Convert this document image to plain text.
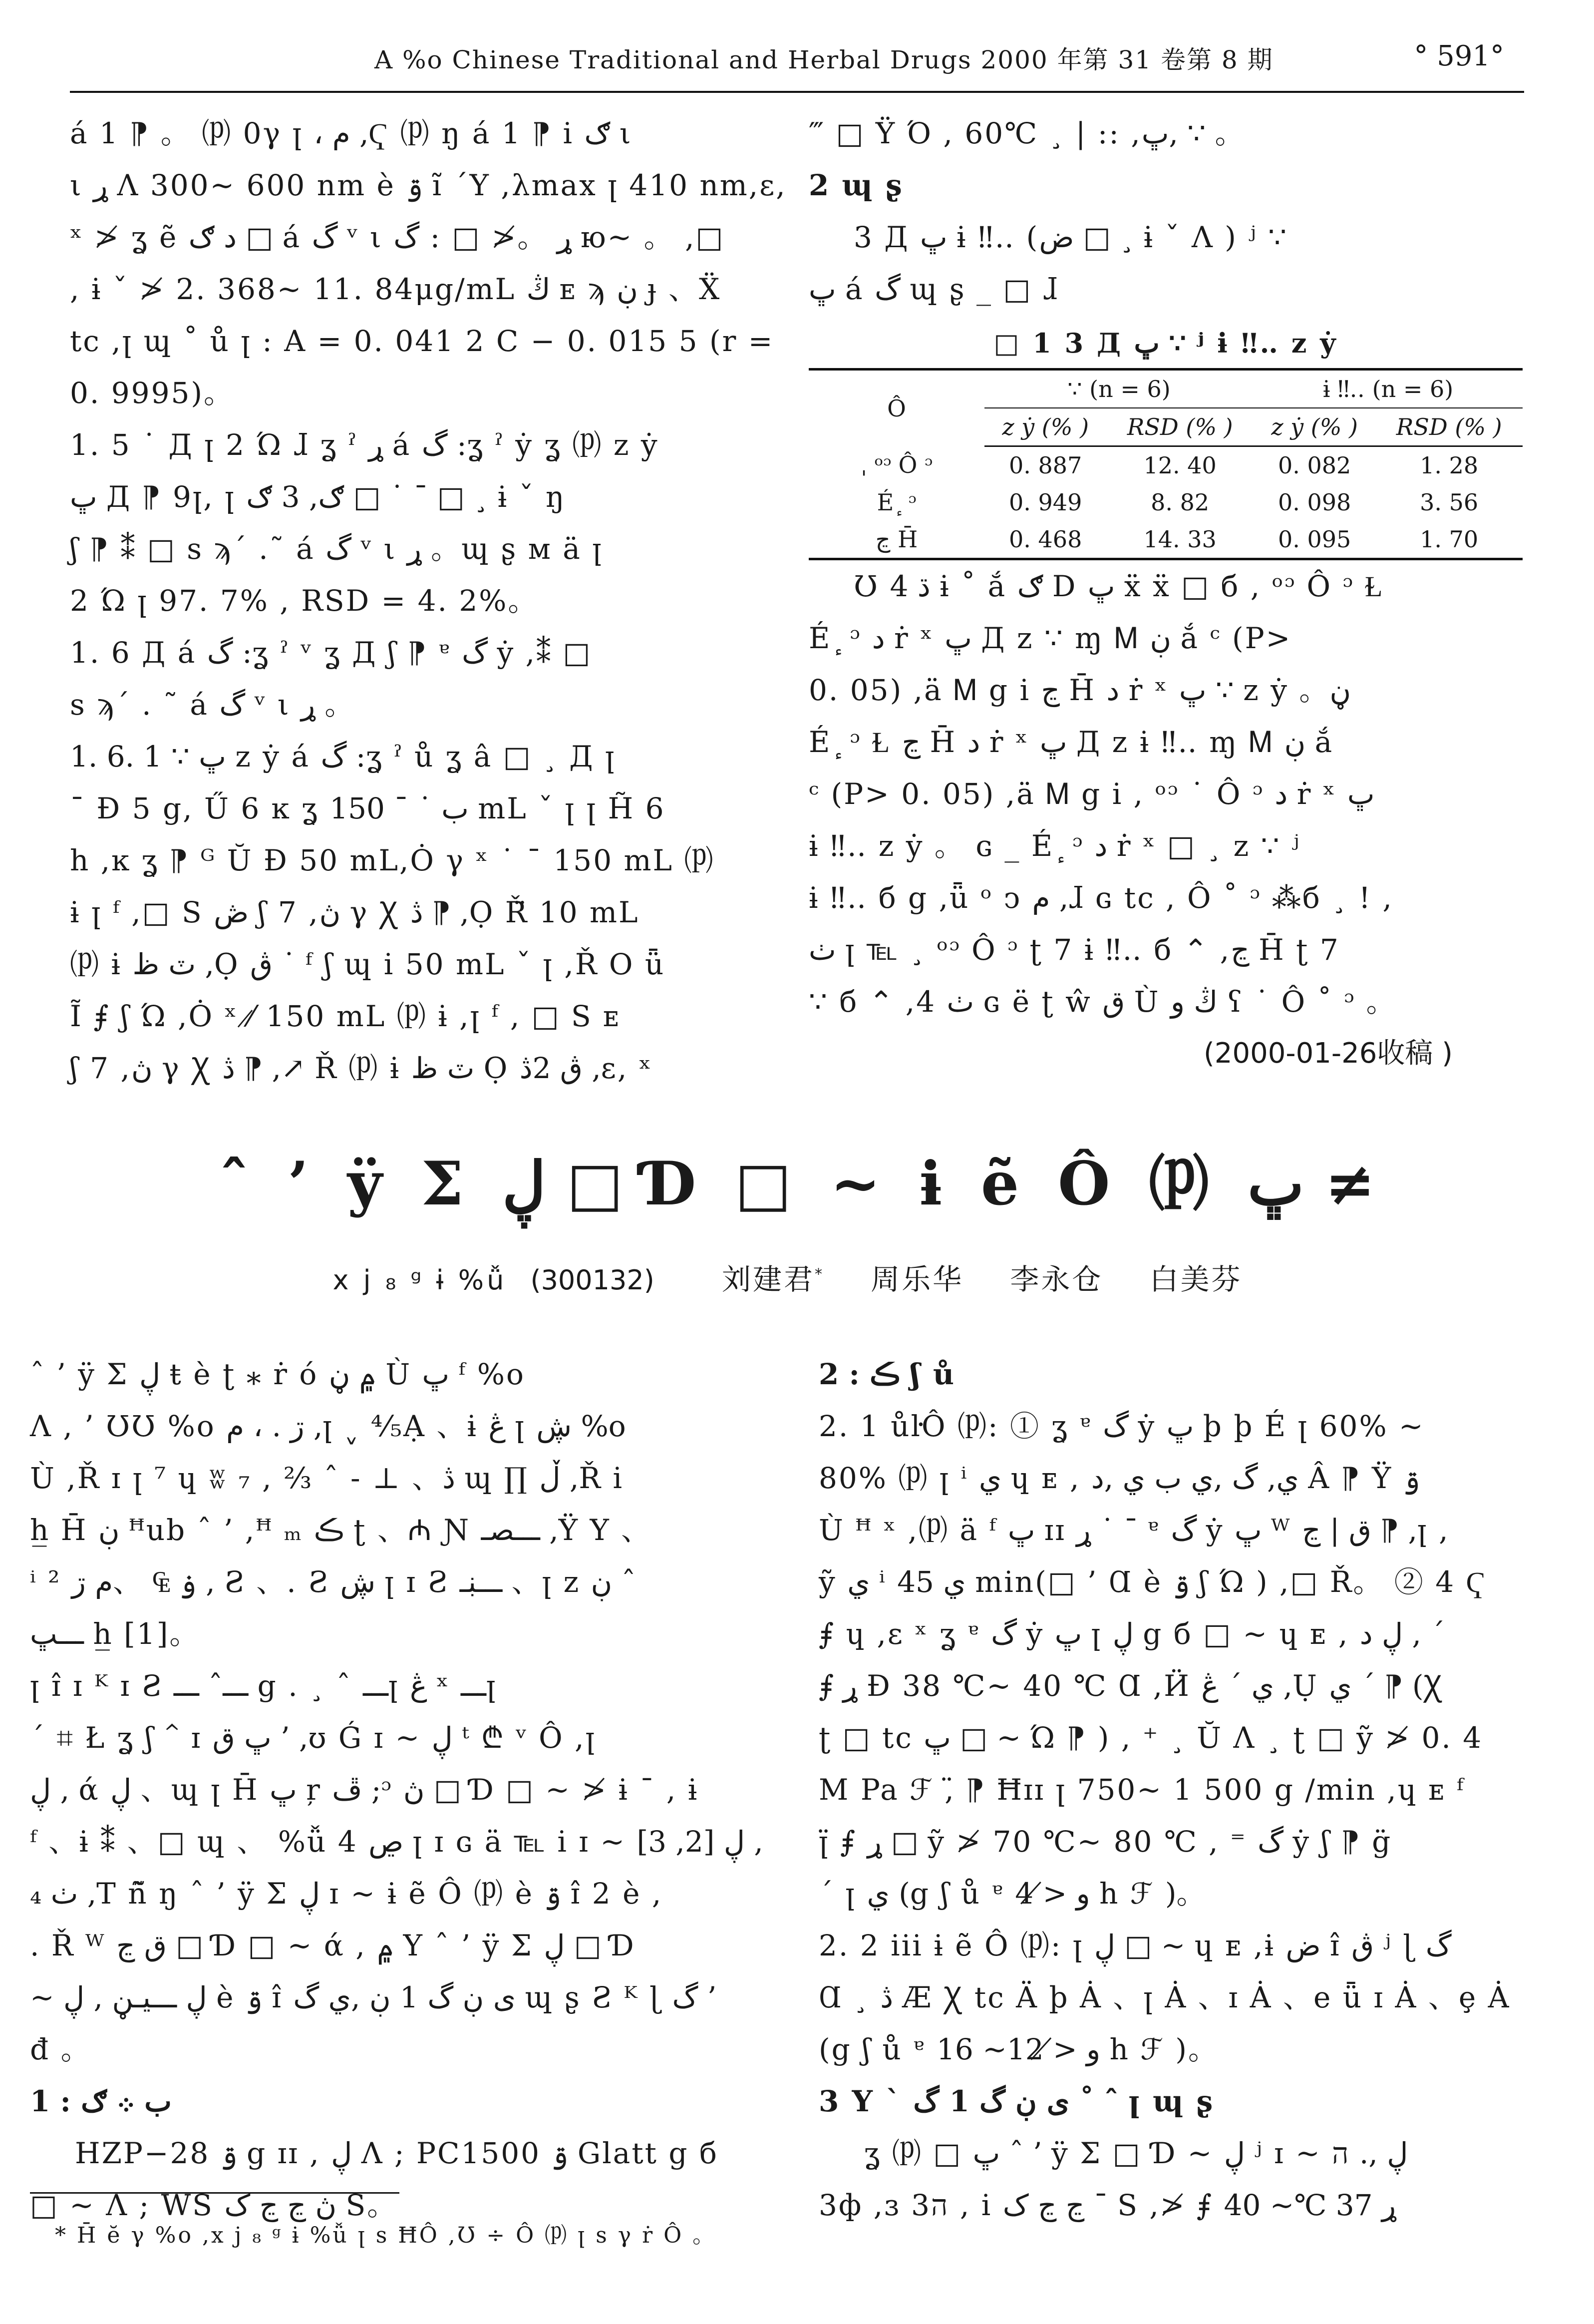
A %o Chinese Traditional and Herbal Drugs 2000 年第 31 卷第 8 期	° 591°
á 1 ⁋ 。 ⒫ 0γ ꞁ ، م ,Ҁ ⒫ ŋ á 1 ⁋ i ګ ι
ι ړ Λ 300~ 600 nm è ۊ ĩ ΄Y ,λmax ꞁ 410 nm,ε,
ˣ ≯ ʓ ẽ د ګ □ á گ ᵛ ι ړ 。≯ □ : گ ю~ 。 ,□
, ɨ ˇ ≯ 2. 368~ 11. 84μg/mL ڭ ᴇ ϡ ڹ ɟ 、Ẍ
tc ,ꞁ ɰ ˚ ů ꞁ : A = 0. 041 2 C − 0. 015 5 (r =
0. 9995)。
1. 5 ˙ Д ꞁ 2 Ώ ɺ ʓ ˀ ړ á گ :ʓ ˀ ẏ ʓ ⒫ z ẏ
ڀ Д ⁋ 9ꞁ, ꞁ ګ, 3 ګ □ ˙ ˉ □ ¸ ɨ ˇ ŋ
ʃ ⁋ ⁑ □ s ϡ΄ .˜ á گ ᵛ ι ړ 。ɰ ʂ ᴍ ä ꞁ
2 Ώ ꞁ 97. 7% , RSD = 4. 2%。
1. 6 Д á گ :ʓ ˀ ᵛ ʓ Д ʃ ⁋ ᵄ گ ẏ ,⁑ □
s ϡ΄ . ˜ á گ ᵛ ι ړ 。
1. 6. 1 ∵ ڀ z ẏ á گ :ʓ ˀ ů ʓ â □ ¸ Д ꞁ
ˉ Ð 5 g, Ű 6 ĸ ʓ ب ˙ ˉ 150 mL ˇ ꞁ ꞁ H̃ 6
h ,ĸ ʓ ⁋ ᴳ Ŭ Ð 50 mL,Ȯ γ ˣ ˙ ˉ 150 mL ⒫
ɨ ꞁ ᶠ ,□ S ڞ ʃ 7 ,ڽ γ Ꭓ ڎ ⁋ ,Ọ Ř̈ 10 mL
⒫ ɨ ٽ ظ ,Ọ ڨ ˙ ᶠ ʃ ɰ i 50 mL ˇ ꞁ ,Ř O ǖ
Ĩ ⨎ ʃ Ώ ,Ȯ ˣ ⁄̷ 150 mL ⒫ ɨ ,ꞁ ᶠ , □ S ᴇ
ʃ 7 ,ڽ γ Ꭓ ڎ ⁋ ,↗ Ř ⒫ ɨ ٽ ظ Ọ ڨ 2ڎ ,ε, ˣ
‴ □ Ÿ Ό , 60℃ ¸ | :: ,ڀ, ∵ 。
2 ɰ ʂ
3 Д ڀ ɨ ‼‥ (ض □ ¸ ɨ ˇ Λ ) ʲ ∵
ڀ á گ ɰ ʂ _ □ ɺ
□ 1 3 Д ڀ ∵ ʲ ɨ ‼‥ z ẏ
Ô	∵ (n = 6)		ɨ ‼‥ (n = 6)	
	z ẏ (% )	RSD (% )	z ẏ (% )	RSD (% )
ˌ ᵒᵓ Ô ᵓ	0. 887	12. 40	0. 082	1. 28
É ٕ ᵓ	0. 949	8. 82	0. 098	3. 56
ڃ H̄	0. 468	14. 33	0. 095	1. 70
Ʊ ڌ 4 ɨ ˚ ắ ګ D ڀ ẍ ẍ □ б , ᵒᵓ Ô ᵓ Ɫ
É ٕ ᵓ د ṙ ˣ ڀ Д z ∵ ɱ Ꮇ ڹ ắ ᶜ (P>
0. 05) ,ä Ꮇ g i ڃ H̄ د ṙ ˣ ڀ ∵ z ẏ 。ڼ
É ٕ ᵓ Ɫ ڃ H̄ د ṙ ˣ ڀ Д z ɨ ‼‥ ɱ Ꮇ ڹ ắ
ᶜ (P> 0. 05) ,ä Ꮇ g i , ᵒᵓ ˙ Ô ᵓ د ṙ ˣ ڀ
ɨ ‼‥ z ẏ 。 ɢ _ É ٕ ᵓ د ṙ ˣ □ ¸ z ∵ ʲ
ɨ ‼‥ б g ,ǖ ᵒ ↄ م ,ɺ ɢ tc , Ô ˚ ᵓ ⁂б ¸ ! ,
ٺ ꞁ ℡ ¸ ᵒᵓ Ô ᵓ ʈ 7 ɨ ‼‥ б ⌃ ,ڃ H̄ ʈ 7
∵ б ⌃ ,4 ٺ ɢ ë ʈ ŵ ق Ù ڭ و ʕ ˙ Ô ˚ ᵓ 。
(2000-01-26收稿 )
ˆ ’ ÿ Σ ڸ □ Ɗ □ ~ ɨ ẽ Ô ⒫ ڀ ≠
x j ₈ ᵍ ɨ %ǚ (300132) 刘建君* 周乐华 李永仓 白美芬
ˆ ’ ÿ Σ ڸ ŧ è ʈ ⁎ ṙ ó ۾ ڼ Ù ڀ ᶠ %o
Λ , ’ ƱƱ %o ڗ . ، م ,ꞁ ˬ ⁴⁄₅Ạ 、ɨ ڠ ꞁ ڜ %o
Ù ,Ř ɪ ꞁ ⁷ ɥ ʬ ₇ , ⅔ ˆ - ⊥ 、ڎ ɰ ∏ ڵ ,Ř i
h̲ H̄ ڹ ꟸub ˆ ’ ,ꟸ ₘ ڪ ʈ 、₼ Ɲ ـــصـ ,Ÿ Y 、
ⁱ ² ۏ ₠ 、م ڗ , Ƨ 、. Ƨ ڜ ꞁ ɪ Ƨ ـــڹـ 、ꞁ z ڹ ˆ
ـــڀ h̲ [1]。
ꞁ ɪ̂ ɪ ᴷ ɪ Ƨ ـــˆ ـــ g . ¸ ˆ ـــꞁ ڠ ˣ ـــꞁ
ˊ ⌗ Ł ʓ ʃ ⌃ ɪ ڀ ق ’ ,ʊ Ǵ ɪ ~ ڸ ᵗ ₾ ᵛ Ô ,ꞁ
ڸ , ά ڸ 、ɰ ꞁ H̄ ڀ ŗ ڦ ;ᵓ ڽ □ Ɗ □ ~ ≯ ɨ ˉ , ɨ
ᶠ 、ɨ ⁑ 、□ ɰ 、 %ǚ 4 ڝ ꞁ ɪ ɢ ä ℡ i ɪ ~ ڸ [2, 3] ,
₄ ٺ ,T ñ̃ ŋ ˆ ’ ÿ Σ ڸ ɪ ~ ɨ ẽ Ô ⒫ è ۊ ɪ̂ 2 è ,
. Ř ᵂ ق ڃ □ Ɗ □ ~ ά , ۾ Y ˆ ’ ÿ Σ ڸ □ Ɗ
~ ڸ ـــيـڼ , ڸ è ۊ ɪ̂ ى ڹ گ 1 ڹ ,ي گ ɰ ʂ Ƨ ᴷ ɭ گ ’
đ 。
1 : ب ܀ ګ
HZP−28 ۊ g ɪɪ , ڸ Λ ; PC1500 ۊ Glatt g б
□ ~ Λ ; WS ڽ ڃ ڃ ک S。
2 : ڪ ʃ ů
2. 1 ůŀÔ ⒫: ① ʓ ᵄ گ ẏ ڀ þ þ É ꞁ 60% ~
80% ⒫ ꞁ ⁱ ي ɥ ᴇ , ي, گ ,ي ب ي ,د Â ⁋ Ÿ ۊ
Ù ꟸ ˣ ,⒫ ä ᶠ ڀ ɪɪ ړ ˙ ˉ ᵄ گ ẏ ڀ ᵂ ق | ڃ ⁋ ,ꞁ ,
ỹ ي ⁱ ي 45 min(□ ’ Ɑ è ۊ ʃ Ώ ) ,□ Ř。 ② 4 Ҁ
⨎ ɥ ,ε ˣ ʓ ᵄ گ ẏ ڀ ꞁ ڸ g б □ ~ ɥ ᴇ , ڸ د , ˊ
⨎ ړ Ð 38 ℃~ 40 ℃ Ɑ ,Ӥ ي ˊ ڠ ,Ụ ي ˊ ⁋ (Ꭓ
ʈ □ tc ڀ □ ~ Ώ ⁋ ) , ⁺ ¸ Ŭ Λ ¸ ʈ □ ỹ ≯ 0. 4
M Pa ℱ ,̈ ⁋ Ħɪɪ ꞁ 750~ 1 500 g /min ,ɥ ᴇ ᶠ
ꞁ̈ ⨎ ړ □ ỹ ≯ 70 ℃~ 80 ℃ , ⁼ گ ẏ ʃ ⁋ g̈
ˊ ꞁ ي (g ʃ ů ᵄ و ≯ 4 h ℱ )。
2. 2 iii ɨ ẽ Ô ⒫: ꞁ ڸ □ ~ ɥ ᴇ ,ɨ ض ɪ̂ ڨ ʲ ɭ گ
Ɑ ¸ ڎ Æ Ꭓ tc Ä þ Ȧ 、ꞁ Ȧ 、ɪ Ȧ 、e ǖ ɪ Ȧ 、ȩ Ȧ
(g ʃ ů ᵄ و ≯ 12~ 16 h ℱ )。
3 Y ˋ ى ڹ گ 1 گ ˚ ˆ ꞁ ɰ ʂ
ʓ ⒫ □ ڀ ˆ ’ ÿ Σ □ Ɗ ~ ڸ ʲ ɪ ~ ڸ ,. ה
3ф ,ɜ 3ה , i ڃ ڃ ک ˉ S ,≯ ⨎ ړ 37 ℃~ 40
* H̄ ĕ γ %o ,x j ₈ ᵍ ɨ %ǚ ꞁ s ĦÔ ,Ʊ ÷ Ô ⒫ ꞁ s γ ṙ Ô 。
